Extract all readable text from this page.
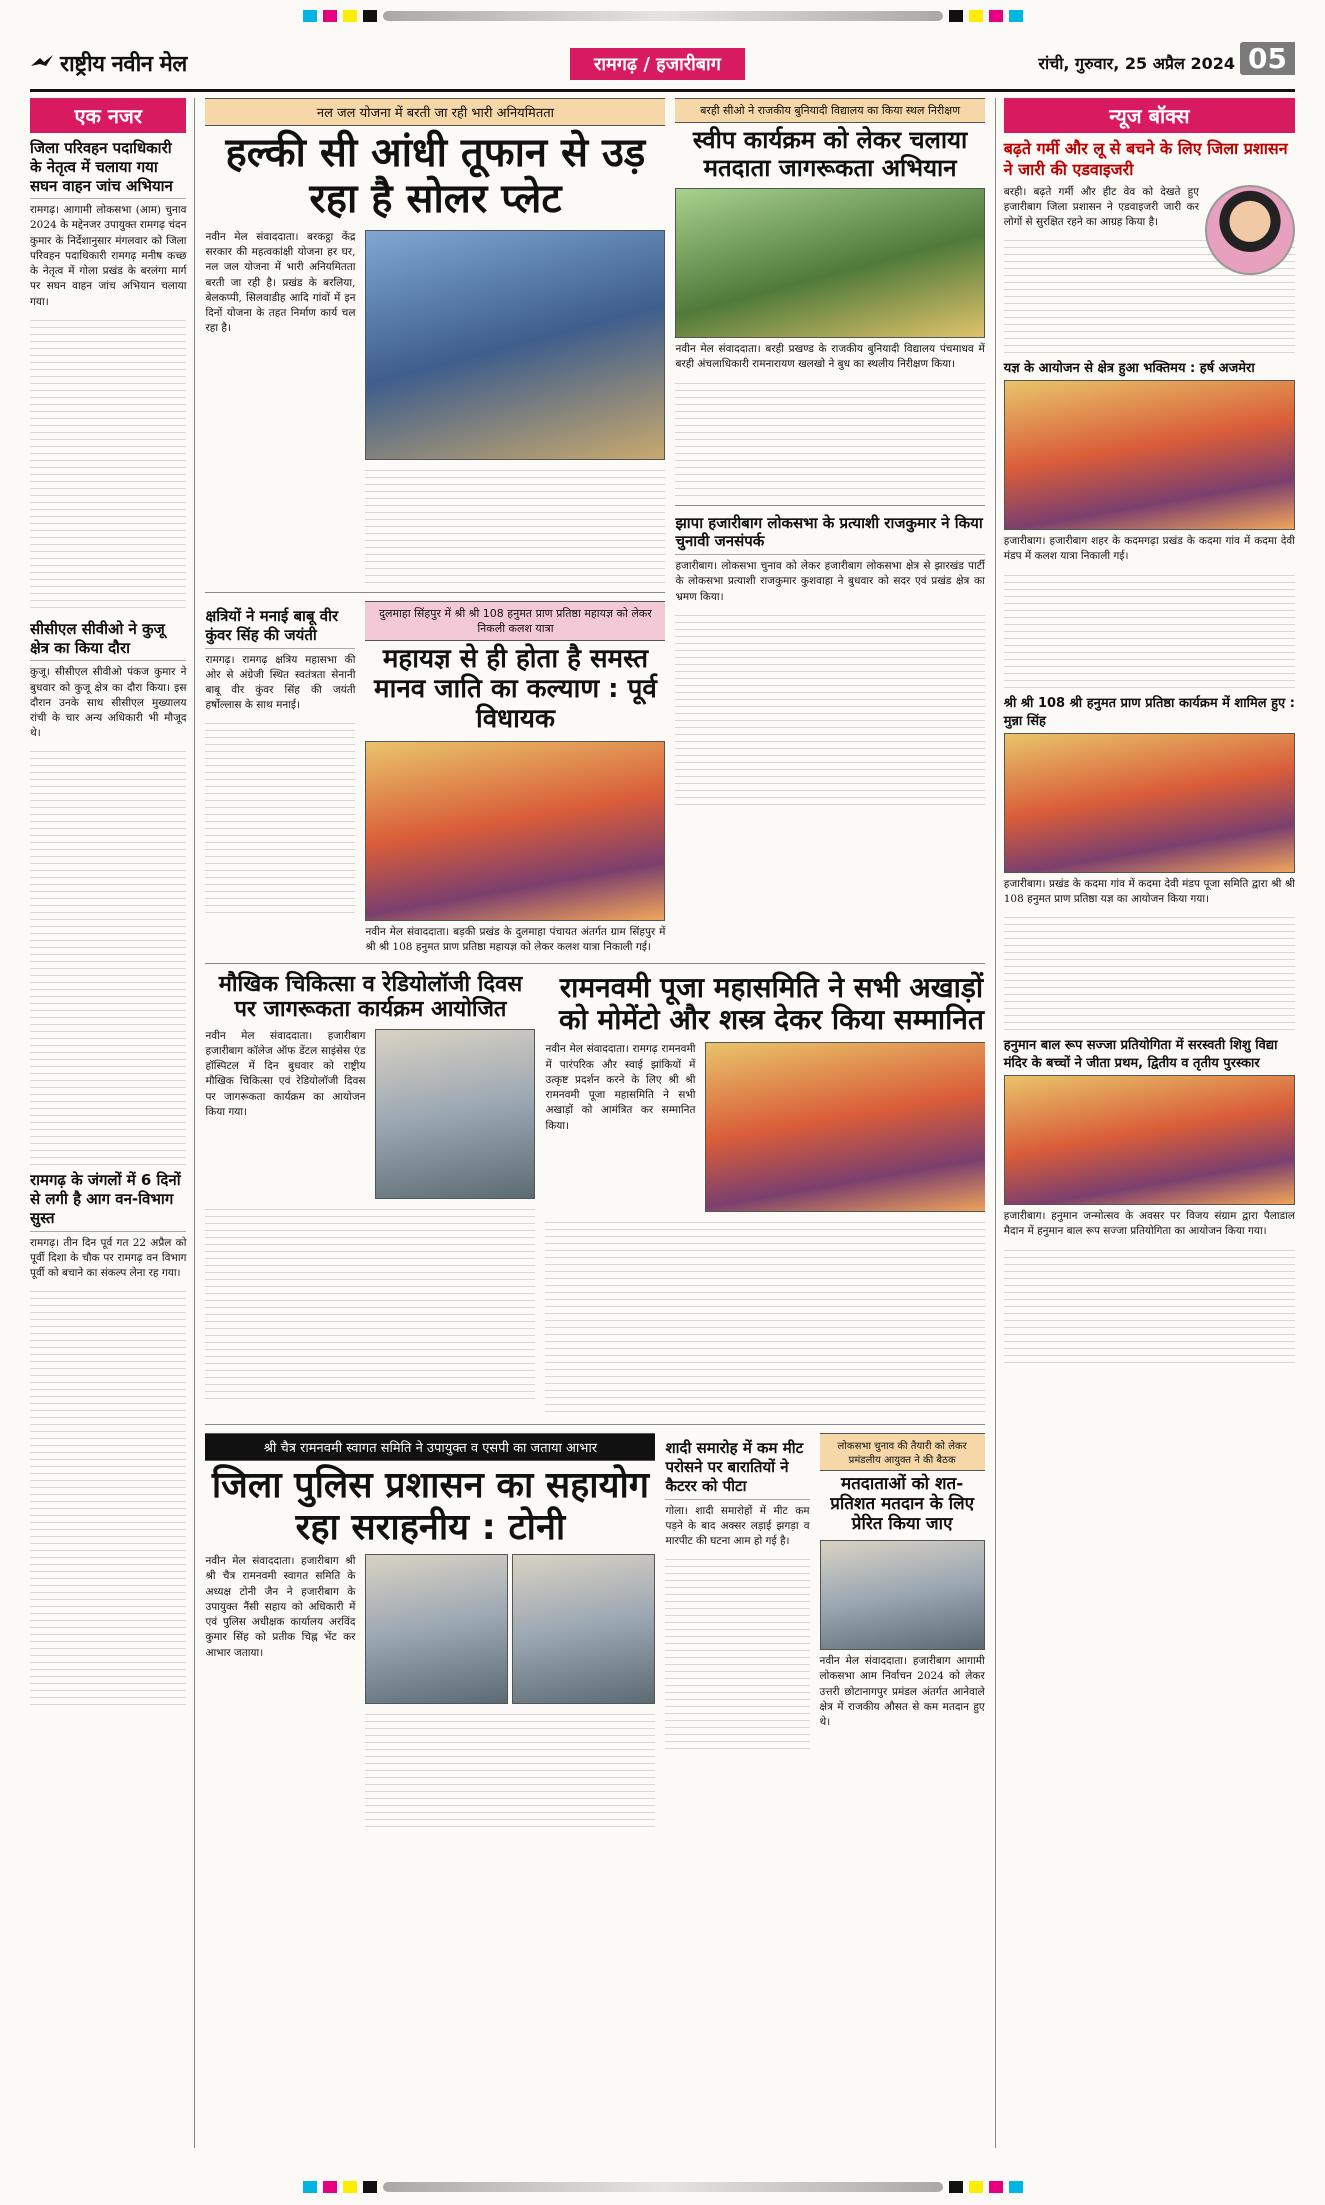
राष्ट्रीय नवीन मेल	रामगढ़ / हजारीबाग	रांची, गुरुवार, 25 अप्रैल 2024 05
एक नजर
जिला परिवहन पदाधिकारी के नेतृत्व में चलाया गया सघन वाहन जांच अभियान
रामगढ़। आगामी लोकसभा (आम) चुनाव 2024 के मद्देनजर उपायुक्त रामगढ़ चंदन कुमार के निर्देशानुसार मंगलवार को जिला परिवहन पदाधिकारी रामगढ़ मनीष कच्छ के नेतृत्व में गोला प्रखंड के बरलंगा मार्ग पर सघन वाहन जांच अभियान चलाया गया।
सीसीएल सीवीओ ने कुजू क्षेत्र का किया दौरा
कुजू। सीसीएल सीवीओ पंकज कुमार ने बुधवार को कुजू क्षेत्र का दौरा किया। इस दौरान उनके साथ सीसीएल मुख्यालय रांची के चार अन्य अधिकारी भी मौजूद थे।
रामगढ़ के जंगलों में 6 दिनों से लगी है आग वन-विभाग सुस्त
रामगढ़। तीन दिन पूर्व गत 22 अप्रैल को पूर्वी दिशा के चौक पर रामगढ़ वन विभाग पूर्वी को बचाने का संकल्प लेना रह गया।
नल जल योजना में बरती जा रही भारी अनियमितता
हल्की सी आंधी तूफान से उड़ रहा है सोलर प्लेट
नवीन मेल संवाददाता। बरकट्ठा केंद्र सरकार की महत्वकांक्षी योजना हर घर, नल जल योजना में भारी अनियमितता बरती जा रही है। प्रखंड के बरलिया, बेलकप्पी, सिलवाडीह आदि गांवों में इन दिनों योजना के तहत निर्माण कार्य चल रहा है।
क्षत्रियों ने मनाई बाबू वीर कुंवर सिंह की जयंती
रामगढ़। रामगढ़ क्षत्रिय महासभा की ओर से अंग्रेजी स्थित स्वतंत्रता सेनानी बाबू वीर कुंवर सिंह की जयंती हर्षोल्लास के साथ मनाई।
दुलमाहा सिंहपुर में श्री श्री 108 हनुमत प्राण प्रतिष्ठा महायज्ञ को लेकर निकली कलश यात्रा
महायज्ञ से ही होता है समस्त मानव जाति का कल्याण : पूर्व विधायक
नवीन मेल संवाददाता। बड़की प्रखंड के दुलमाहा पंचायत अंतर्गत ग्राम सिंहपुर में श्री श्री 108 हनुमत प्राण प्रतिष्ठा महायज्ञ को लेकर कलश यात्रा निकाली गई।
बरही सीओ ने राजकीय बुनियादी विद्यालय का किया स्थल निरीक्षण
स्वीप कार्यक्रम को लेकर चलाया मतदाता जागरूकता अभियान
नवीन मेल संवाददाता। बरही प्रखण्ड के राजकीय बुनियादी विद्यालय पंचमाधव में बरही अंचलाधिकारी रामनारायण खलखो ने बुध का स्थलीय निरीक्षण किया।
झापा हजारीबाग लोकसभा के प्रत्याशी राजकुमार ने किया चुनावी जनसंपर्क
हजारीबाग। लोकसभा चुनाव को लेकर हजारीबाग लोकसभा क्षेत्र से झारखंड पार्टी के लोकसभा प्रत्याशी राजकुमार कुशवाहा ने बुधवार को सदर एवं प्रखंड क्षेत्र का भ्रमण किया।
मौखिक चिकित्सा व रेडियोलॉजी दिवस पर जागरूकता कार्यक्रम आयोजित
नवीन मेल संवाददाता। हजारीबाग हजारीबाग कॉलेज ऑफ डेंटल साइंसेस एंड हॉस्पिटल में दिन बुधवार को राष्ट्रीय मौखिक चिकित्सा एवं रेडियोलॉजी दिवस पर जागरूकता कार्यक्रम का आयोजन किया गया।
रामनवमी पूजा महासमिति ने सभी अखाड़ों को मोमेंटो और शस्त्र देकर किया सम्मानित
नवीन मेल संवाददाता। रामगढ़ रामनवमी में पारंपरिक और स्वाई झांकियों में उत्कृष्ट प्रदर्शन करने के लिए श्री श्री रामनवमी पूजा महासमिति ने सभी अखाड़ों को आमंत्रित कर सम्मानित किया।
श्री चैत्र रामनवमी स्वागत समिति ने उपायुक्त व एसपी का जताया आभार
जिला पुलिस प्रशासन का सहायोग रहा सराहनीय : टोनी
नवीन मेल संवाददाता। हजारीबाग श्री श्री चैत्र रामनवमी स्वागत समिति के अध्यक्ष टोनी जैन ने हजारीबाग के उपायुक्त नैंसी सहाय को अधिकारी में एवं पुलिस अधीक्षक कार्यालय अरविंद कुमार सिंह को प्रतीक चिह्न भेंट कर आभार जताया।
शादी समारोह में कम मीट परोसने पर बारातियों ने कैटरर को पीटा
गोला। शादी समारोहों में मीट कम पड़ने के बाद अक्सर लड़ाई झगड़ा व मारपीट की घटना आम हो गई है।
लोकसभा चुनाव की तैयारी को लेकर प्रमंडलीय आयुक्त ने की बैठक
मतदाताओं को शत- प्रतिशत मतदान के लिए प्रेरित किया जाए
नवीन मेल संवाददाता। हजारीबाग आगामी लोकसभा आम निर्वाचन 2024 को लेकर उत्तरी छोटानागपुर प्रमंडल अंतर्गत आनेवाले क्षेत्र में राजकीय औसत से कम मतदान हुए थे।
न्यूज बॉक्स
बढ़ते गर्मी और लू से बचने के लिए जिला प्रशासन ने जारी की एडवाइजरी
बरही। बढ़ते गर्मी और हीट वेव को देखते हुए हजारीबाग जिला प्रशासन ने एडवाइजरी जारी कर लोगों से सुरक्षित रहने का आग्रह किया है।
यज्ञ के आयोजन से क्षेत्र हुआ भक्तिमय : हर्ष अजमेरा
हजारीबाग। हजारीबाग शहर के कदमगढ़ा प्रखंड के कदमा गांव में कदमा देवी मंडप में कलश यात्रा निकाली गई।
श्री श्री 108 श्री हनुमत प्राण प्रतिष्ठा कार्यक्रम में शामिल हुए : मुन्ना सिंह
हजारीबाग। प्रखंड के कदमा गांव में कदमा देवी मंडप पूजा समिति द्वारा श्री श्री 108 हनुमत प्राण प्रतिष्ठा यज्ञ का आयोजन किया गया।
हनुमान बाल रूप सज्जा प्रतियोगिता में सरस्वती शिशु विद्या मंदिर के बच्चों ने जीता प्रथम, द्वितीय व तृतीय पुरस्कार
हजारीबाग। हनुमान जन्मोत्सव के अवसर पर विजय संग्राम द्वारा पैलाडाल मैदान में हनुमान बाल रूप सज्जा प्रतियोगिता का आयोजन किया गया।
